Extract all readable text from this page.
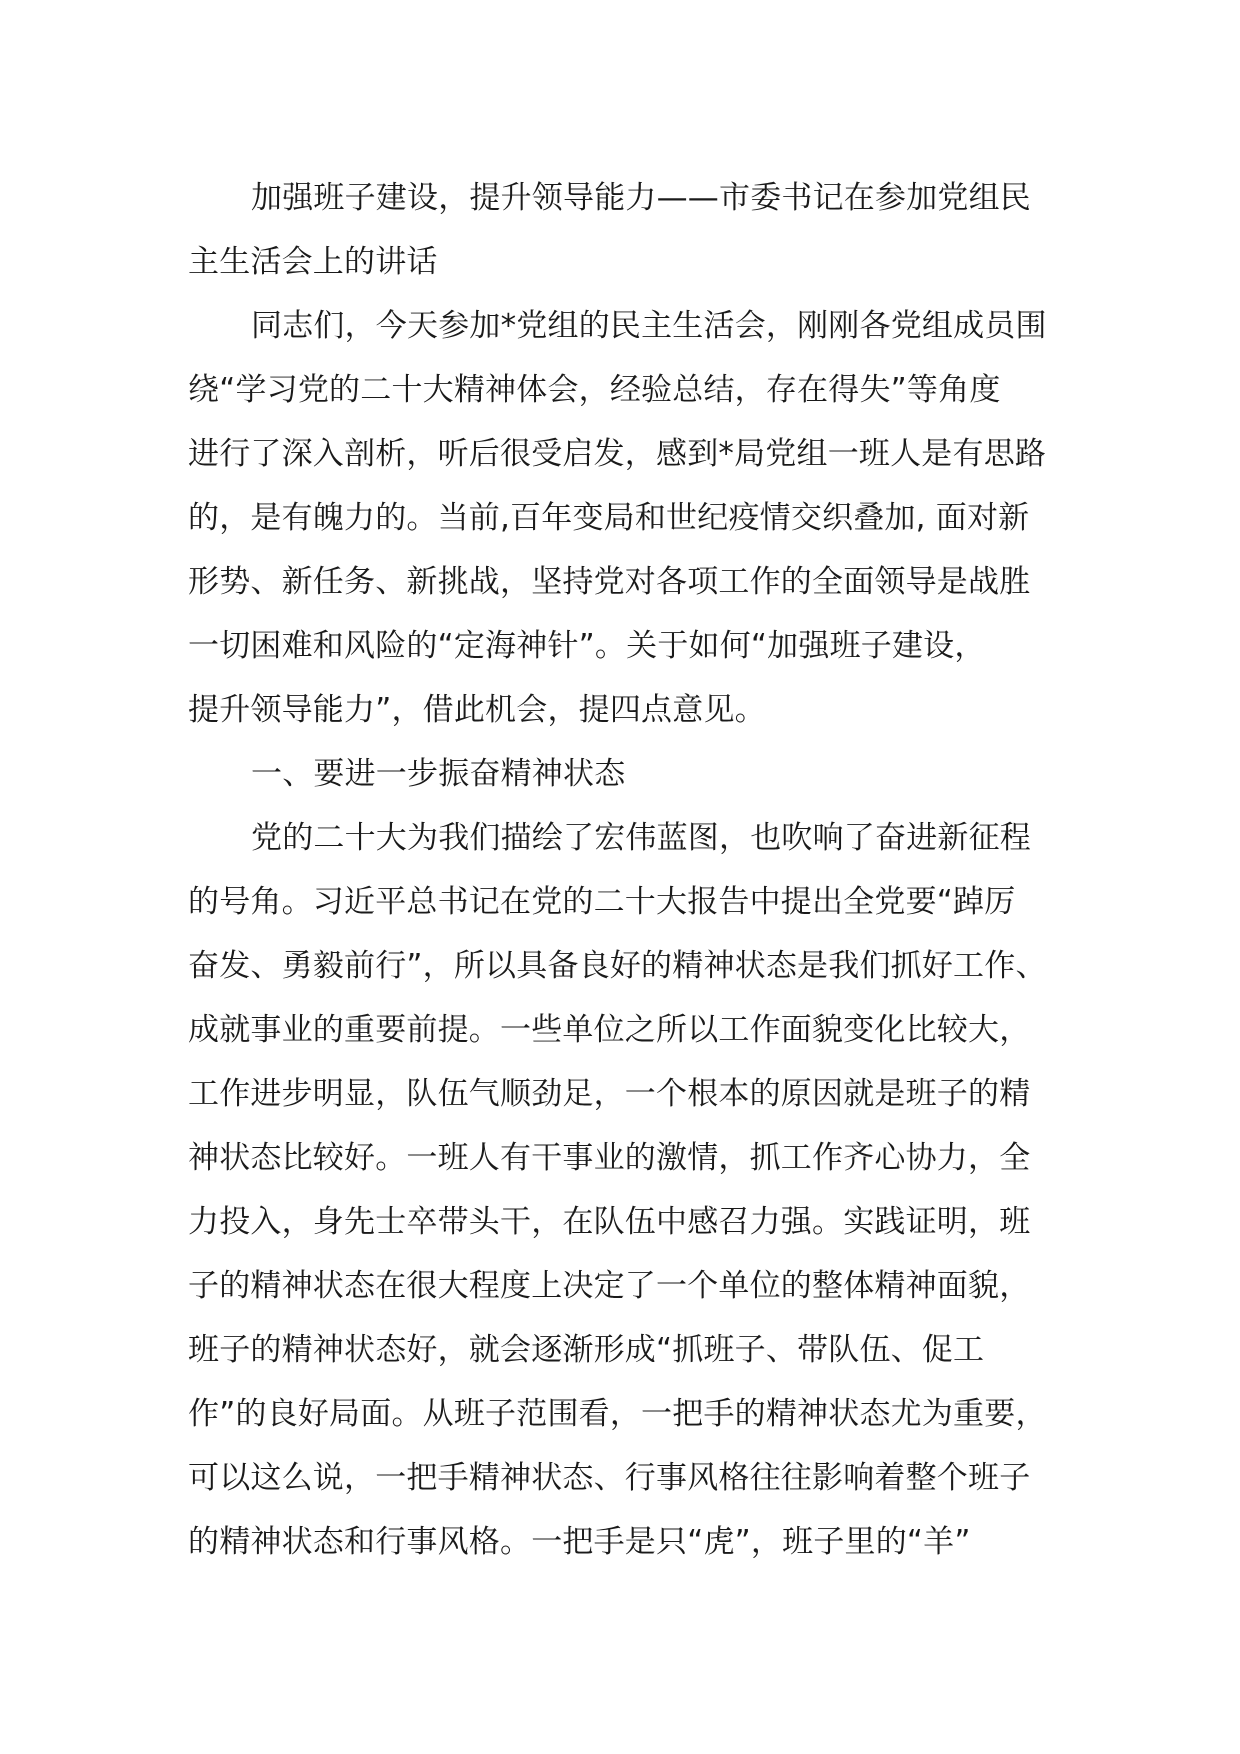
加强班子建设，提升领导能力——市委书记在参加党组民
主生活会上的讲话
同志们，今天参加*党组的民主生活会，刚刚各党组成员围
绕“学习党的二十大精神体会，经验总结，存在得失”等角度
进行了深入剖析，听后很受启发，感到*局党组一班人是有思路
的，是有魄力的。当前,百年变局和世纪疫情交织叠加, 面对新
形势、新任务、新挑战，坚持党对各项工作的全面领导是战胜
一切困难和风险的“定海神针”。关于如何“加强班子建设，
提升领导能力”，借此机会，提四点意见。
一、要进一步振奋精神状态
党的二十大为我们描绘了宏伟蓝图，也吹响了奋进新征程
的号角。习近平总书记在党的二十大报告中提出全党要“踔厉
奋发、勇毅前行”，所以具备良好的精神状态是我们抓好工作、
成就事业的重要前提。一些单位之所以工作面貌变化比较大，
工作进步明显，队伍气顺劲足，一个根本的原因就是班子的精
神状态比较好。一班人有干事业的激情，抓工作齐心协力，全
力投入，身先士卒带头干，在队伍中感召力强。实践证明，班
子的精神状态在很大程度上决定了一个单位的整体精神面貌，
班子的精神状态好，就会逐渐形成“抓班子、带队伍、促工
作”的良好局面。从班子范围看，一把手的精神状态尤为重要，
可以这么说，一把手精神状态、行事风格往往影响着整个班子
的精神状态和行事风格。一把手是只“虎”，班子里的“羊”
